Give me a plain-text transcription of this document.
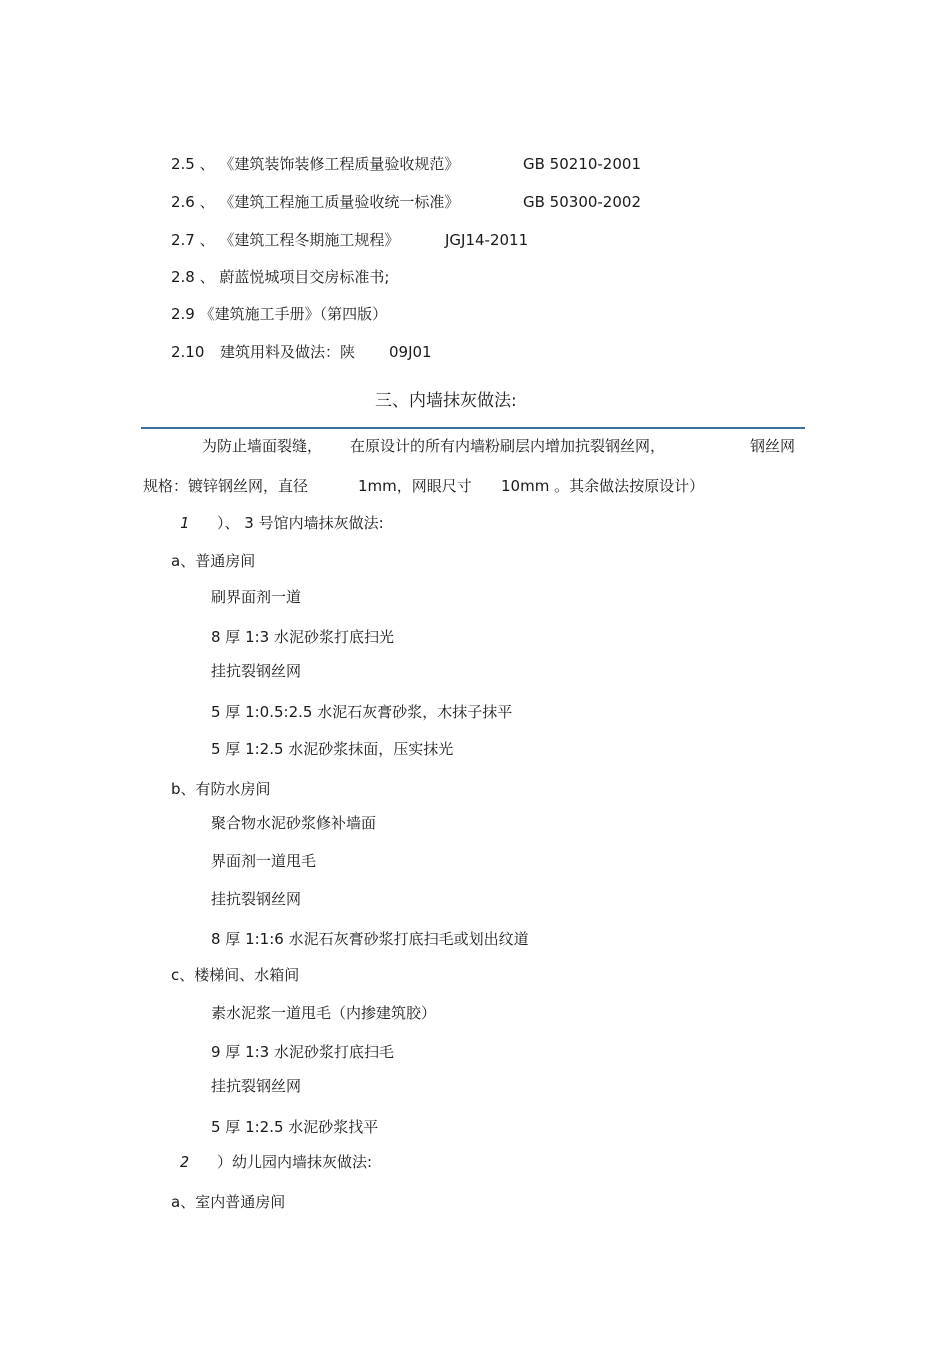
2.5 、 《建筑装饰装修工程质量验收规范》	GB 50210-2001
2.6 、 《建筑工程施工质量验收统一标准》	GB 50300-2002
2.7 、 《建筑工程冬期施工规程》	JGJ14-2011
2.8 、 蔚蓝悦城项目交房标准书;
2.9 《建筑施工手册》（第四版）
2.10 建筑用料及做法：陕 09J01
三、内墙抹灰做法:
为防止墙面裂缝， 在原设计的所有内墙粉刷层内增加抗裂钢丝网，	钢丝网
规格：镀锌钢丝网，直径	1mm，网眼尺寸 10mm 。其余做法按原设计）
1 ）、 3 号馆内墙抹灰做法:
a、普通房间
刷界面剂一道
8 厚 1:3 水泥砂浆打底扫光
挂抗裂钢丝网
5 厚 1:0.5:2.5 水泥石灰膏砂浆，木抹子抹平
5 厚 1:2.5 水泥砂浆抹面，压实抹光
b、有防水房间
聚合物水泥砂浆修补墙面
界面剂一道甩毛
挂抗裂钢丝网
8 厚 1:1:6 水泥石灰膏砂浆打底扫毛或划出纹道
c、楼梯间、水箱间
素水泥浆一道甩毛（内掺建筑胶）
9 厚 1:3 水泥砂浆打底扫毛
挂抗裂钢丝网
5 厚 1:2.5 水泥砂浆找平
2 ）幼儿园内墙抹灰做法:
a、室内普通房间
